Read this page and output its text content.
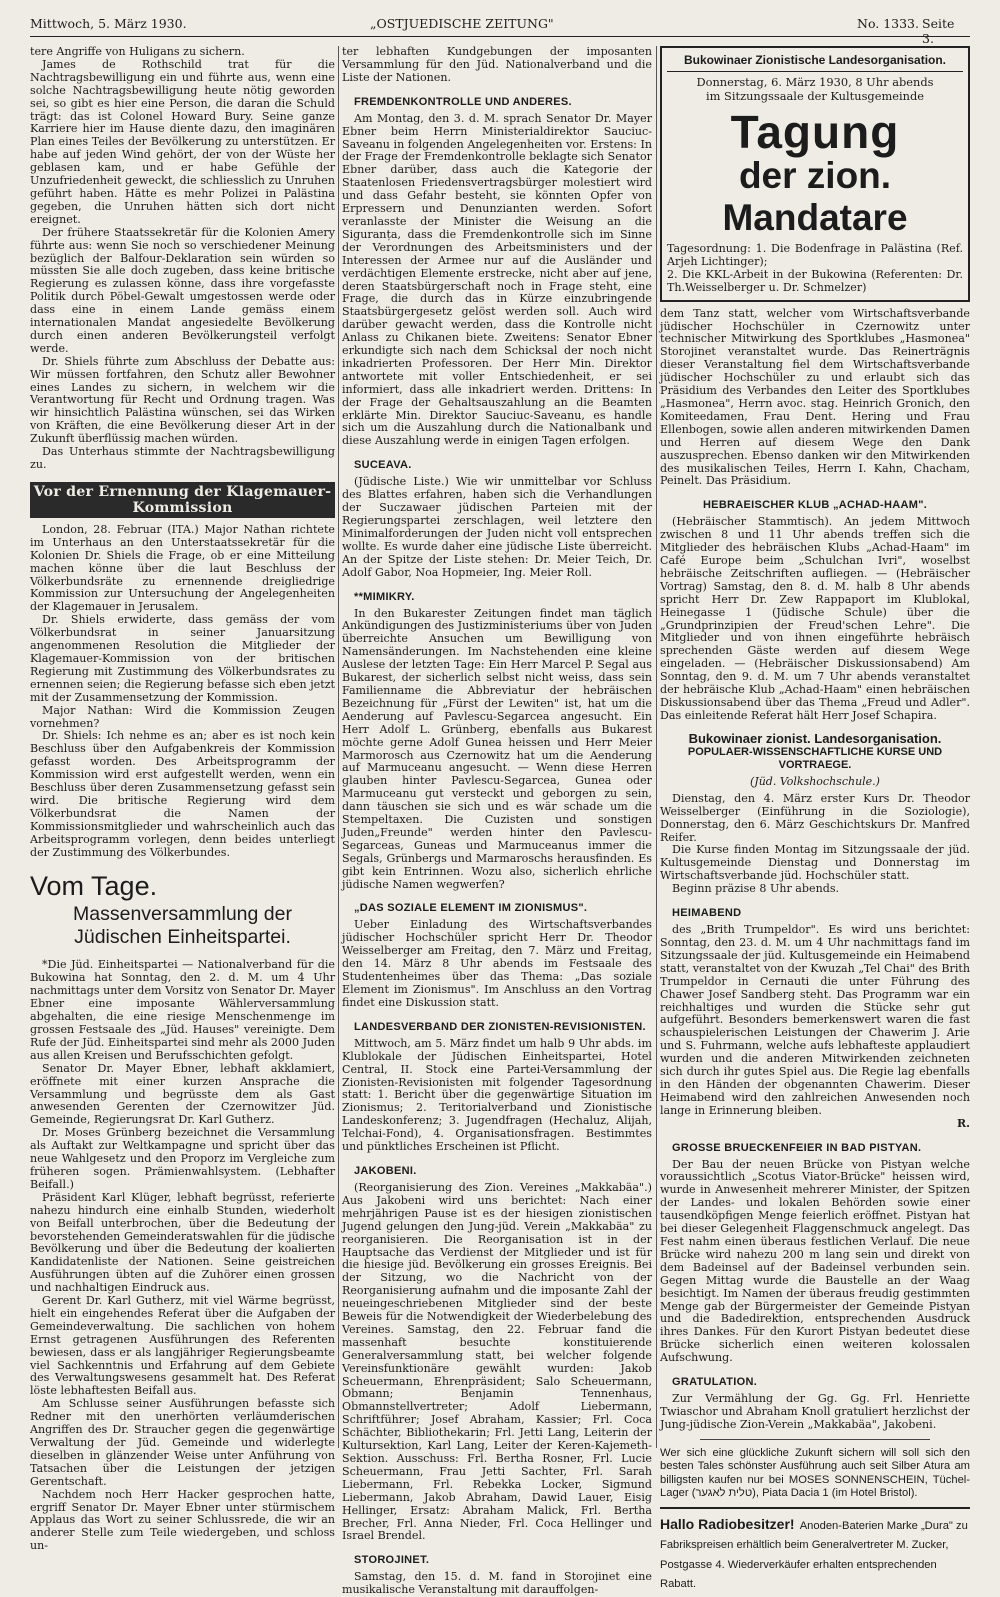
Mittwoch, 5. März 1930.	„OSTJUEDISCHE ZEITUNG"	No. 1333. Seite 3.

tere Angriffe von Huligans zu sichern.

James de Rothschild trat für die Nachtragsbewilligung ein und führte aus, wenn eine solche Nachtragsbewilligung heute nötig geworden sei, so gibt es hier eine Person, die daran die Schuld trägt: das ist Colonel Howard Bury. Seine ganze Karriere hier im Hause diente dazu, den imaginären Plan eines Teiles der Bevölkerung zu unterstützen. Er habe auf jeden Wind gehört, der von der Wüste her geblasen kam, und er habe Gefühle der Unzufriedenheit geweckt, die schliesslich zu Unruhen geführt haben. Hätte es mehr Polizei in Palästina gegeben, die Unruhen hätten sich dort nicht ereignet.

Der frühere Staatssekretär für die Kolonien Amery führte aus: wenn Sie noch so verschiedener Meinung bezüglich der Balfour-Deklaration sein würden so müssten Sie alle doch zugeben, dass keine britische Regierung es zulassen könne, dass ihre vorgefasste Politik durch Pöbel-Gewalt umgestossen werde oder dass eine in einem Lande gemäss einem internationalen Mandat angesiedelte Bevölkerung durch einen anderen Bevölkerungsteil verfolgt werde.

Dr. Shiels führte zum Abschluss der Debatte aus: Wir müssen fortfahren, den Schutz aller Bewohner eines Landes zu sichern, in welchem wir die Verantwortung für Recht und Ordnung tragen. Was wir hinsichtlich Palästina wünschen, sei das Wirken von Kräften, die eine Bevölkerung dieser Art in der Zukunft überflüssig machen würden.

Das Unterhaus stimmte der Nachtragsbewilligung zu.

Vor der Ernennung der Klagemauer-Kommission

London, 28. Februar (ITA.) Major Nathan richtete im Unterhaus an den Unterstaatssekretär für die Kolonien Dr. Shiels die Frage, ob er eine Mitteilung machen könne über die laut Beschluss der Völkerbundsräte zu ernennende dreigliedrige Kommission zur Untersuchung der Angelegenheiten der Klagemauer in Jerusalem.

Dr. Shiels erwiderte, dass gemäss der vom Völkerbundsrat in seiner Januarsitzung angenommenen Resolution die Mitglieder der Klagemauer-Kommission von der britischen Regierung mit Zustimmung des Völkerbundsrates zu ernennen seien; die Regierung befasse sich eben jetzt mit der Zusammensetzung der Kommission.

Major Nathan: Wird die Kommission Zeugen vornehmen?

Dr. Shiels: Ich nehme es an; aber es ist noch kein Beschluss über den Aufgabenkreis der Kommission gefasst worden. Des Arbeitsprogramm der Kommission wird erst aufgestellt werden, wenn ein Beschluss über deren Zusammensetzung gefasst sein wird. Die britische Regierung wird dem Völkerbundsrat die Namen der Kommissionsmitglieder und wahrscheinlich auch das Arbeitsprogramm vorlegen, denn beides unterliegt der Zustimmung des Völkerbundes.

Vom Tage.
Massenversammlung der Jüdischen Einheitspartei.

*Die Jüd. Einheitspartei — Nationalverband für die Bukowina hat Sonntag, den 2. d. M. um 4 Uhr nachmittags unter dem Vorsitz von Senator Dr. Mayer Ebner eine imposante Wählerversammlung abgehalten, die eine riesige Menschenmenge im grossen Festsaale des „Jüd. Hauses" vereinigte. Dem Rufe der Jüd. Einheitspartei sind mehr als 2000 Juden aus allen Kreisen und Berufsschichten gefolgt.

Senator Dr. Mayer Ebner, lebhaft akklamiert, eröffnete mit einer kurzen Ansprache die Versammlung und begrüsste dem als Gast anwesenden Gerenten der Czernowitzer Jüd. Gemeinde, Regierungsrat Dr. Karl Gutherz.

Dr. Moses Grünberg bezeichnet die Versammlung als Auftakt zur Weltkampagne und spricht über das neue Wahlgesetz und den Proporz im Vergleiche zum früheren sogen. Prämienwahlsystem. (Lebhafter Beifall.)

Präsident Karl Klüger, lebhaft begrüsst, referierte nahezu hindurch eine einhalb Stunden, wiederholt von Beifall unterbrochen, über die Bedeutung der bevorstehenden Gemeinderatswahlen für die jüdische Bevölkerung und über die Bedeutung der koalierten Kandidatenliste der Nationen. Seine geistreichen Ausführungen übten auf die Zuhörer einen grossen und nachhaltigen Eindruck aus.

Gerent Dr. Karl Gutherz, mit viel Wärme begrüsst, hielt ein eingehendes Referat über die Aufgaben der Gemeindeverwaltung. Die sachlichen von hohem Ernst getragenen Ausführungen des Referenten bewiesen, dass er als langjähriger Regierungsbeamte viel Sachkenntnis und Erfahrung auf dem Gebiete des Verwaltungswesens gesammelt hat. Des Referat löste lebhaftesten Beifall aus.

Am Schlusse seiner Ausführungen befasste sich Redner mit den unerhörten verläumderischen Angriffen des Dr. Straucher gegen die gegenwärtige Verwaltung der Jüd. Gemeinde und widerlegte dieselben in glänzender Weise unter Anführung von Tatsachen über die Leistungen der jetzigen Gerentschaft.

Nachdem noch Herr Hacker gesprochen hatte, ergriff Senator Dr. Mayer Ebner unter stürmischem Applaus das Wort zu seiner Schlussrede, die wir an anderer Stelle zum Teile wiedergeben, und schloss un-

ter lebhaften Kundgebungen der imposanten Versammlung für den Jüd. Nationalverband und die Liste der Nationen.

FREMDENKONTROLLE UND ANDERES.

Am Montag, den 3. d. M. sprach Senator Dr. Mayer Ebner beim Herrn Ministerialdirektor Sauciuc-Saveanu in folgenden Angelegenheiten vor. Erstens: In der Frage der Fremdenkontrolle beklagte sich Senator Ebner darüber, dass auch die Kategorie der Staatenlosen Friedensvertragsbürger molestiert wird und dass Gefahr besteht, sie könnten Opfer von Erpressern und Denunzianten werden. Sofort veranlasste der Minister die Weisung an die Siguranța, dass die Fremdenkontrolle sich im Sinne der Verordnungen des Arbeitsministers und der Interessen der Armee nur auf die Ausländer und verdächtigen Elemente erstrecke, nicht aber auf jene, deren Staatsbürgerschaft noch in Frage steht, eine Frage, die durch das in Kürze einzubringende Staatsbürgergesetz gelöst werden soll. Auch wird darüber gewacht werden, dass die Kontrolle nicht Anlass zu Chikanen biete. Zweitens: Senator Ebner erkundigte sich nach dem Schicksal der noch nicht inkadrierten Professoren. Der Herr Min. Direktor antwortete mit voller Entschiedenheit, er sei informiert, dass alle inkadriert werden. Drittens: In der Frage der Gehaltsauszahlung an die Beamten erklärte Min. Direktor Sauciuc-Saveanu, es handle sich um die Auszahlung durch die Nationalbank und diese Auszahlung werde in einigen Tagen erfolgen.

SUCEAVA.

(Jüdische Liste.) Wie wir unmittelbar vor Schluss des Blattes erfahren, haben sich die Verhandlungen der Suczawaer jüdischen Parteien mit der Regierungspartei zerschlagen, weil letztere den Minimalforderungen der Juden nicht voll entsprechen wollte. Es wurde daher eine jüdische Liste überreicht. An der Spitze der Liste stehen: Dr. Meier Teich, Dr. Adolf Gabor, Noa Hopmeier, Ing. Meier Roll.

**MIMIKRY.

In den Bukarester Zeitungen findet man täglich Ankündigungen des Justizministeriums über von Juden überreichte Ansuchen um Bewilligung von Namensänderungen. Im Nachstehenden eine kleine Auslese der letzten Tage: Ein Herr Marcel P. Segal aus Bukarest, der sicherlich selbst nicht weiss, dass sein Familienname die Abbreviatur der hebräischen Bezeichnung für „Fürst der Lewiten" ist, hat um die Aenderung auf Pavlescu-Segarcea angesucht. Ein Herr Adolf L. Grünberg, ebenfalls aus Bukarest möchte gerne Adolf Gunea heissen und Herr Meier Marmorosch aus Czernowitz hat um die Aenderung auf Marmuceanu angesucht. — Wenn diese Herren glauben hinter Pavlescu-Segarcea, Gunea oder Marmuceanu gut versteckt und geborgen zu sein, dann täuschen sie sich und es wär schade um die Stempeltaxen. Die Cuzisten und sonstigen Juden„Freunde" werden hinter den Pavlescu-Segarceas, Guneas und Marmuceanus immer die Segals, Grünbergs und Marmaroschs herausfinden. Es gibt kein Entrinnen. Wozu also, sicherlich ehrliche jüdische Namen wegwerfen?

„DAS SOZIALE ELEMENT IM ZIONISMUS".

Ueber Einladung des Wirtschaftsverbandes jüdischer Hochschüler spricht Herr Dr. Theodor Weisselberger am Freitag, den 7. März und Freitag, den 14. März 8 Uhr abends im Festsaale des Studentenheimes über das Thema: „Das soziale Element im Zionismus". Im Anschluss an den Vortrag findet eine Diskussion statt.

LANDESVERBAND DER ZIONISTEN-REVISIONISTEN.

Mittwoch, am 5. März findet um halb 9 Uhr abds. im Klublokale der Jüdischen Einheitspartei, Hotel Central, II. Stock eine Partei-Versammlung der Zionisten-Revisionisten mit folgender Tagesordnung statt: 1. Bericht über die gegenwärtige Situation im Zionismus; 2. Teritorialverband und Zionistische Landeskonferenz; 3. Jugendfragen (Hechaluz, Alijah, Telchai-Fond), 4. Organisationsfragen. Bestimmtes und pünktliches Erscheinen ist Pflicht.

JAKOBENI.

(Reorganisierung des Zion. Vereines „Makkabäa".) Aus Jakobeni wird uns berichtet: Nach einer mehrjährigen Pause ist es der hiesigen zionistischen Jugend gelungen den Jung-jüd. Verein „Makkabäa" zu reorganisieren. Die Reorganisation ist in der Hauptsache das Verdienst der Mitglieder und ist für die hiesige jüd. Bevölkerung ein grosses Ereignis. Bei der Sitzung, wo die Nachricht von der Reorganisierung aufnahm und die imposante Zahl der neueingeschriebenen Mitglieder sind der beste Beweis für die Notwendigkeit der Wiederbelebung des Vereines. Samstag, den 22. Februar fand die massenhaft besuchte konstituierende Generalversammlung statt, bei welcher folgende Vereinsfunktionäre gewählt wurden: Jakob Scheuermann, Ehrenpräsident; Salo Scheuermann, Obmann; Benjamin Tennenhaus, Obmannstellvertreter; Adolf Liebermann, Schriftführer; Josef Abraham, Kassier; Frl. Coca Schächter, Bibliothekarin; Frl. Jetti Lang, Leiterin der Kultursektion, Karl Lang, Leiter der Keren-Kajemeth-Sektion. Ausschuss: Frl. Bertha Rosner, Frl. Lucie Scheuermann, Frau Jetti Sachter, Frl. Sarah Liebermann, Frl. Rebekka Locker, Sigmund Liebermann, Jakob Abraham, Dawid Lauer, Eisig Hellinger, Ersatz: Abraham Malick, Frl. Bertha Brecher, Frl. Anna Nieder, Frl. Coca Hellinger und Israel Brendel.

STOROJINET.

Samstag, den 15. d. M. fand in Storojinet eine musikalische Veranstaltung mit darauffolgen-

Bukowinaer Zionistische Landesorganisation.
Donnerstag, 6. März 1930, 8 Uhr abends
im Sitzungssaale der Kultusgemeinde
Tagung
der zion. Mandatare

Tagesordnung: 1. Die Bodenfrage in Palästina (Ref. Arjeh Lichtinger);

2. Die KKL-Arbeit in der Bukowina (Referenten: Dr. Th.Weisselberger u. Dr. Schmelzer)

dem Tanz statt, welcher vom Wirtschaftsverbande jüdischer Hochschüler in Czernowitz unter technischer Mitwirkung des Sportklubes „Hasmonea" Storojinet veranstaltet wurde. Das Reinerträgnis dieser Veranstaltung fiel dem Wirtschaftsverbande jüdischer Hochschüler zu und erlaubt sich das Präsidium des Verbandes den Leiter des Sportklubes „Hasmonea", Herrn avoc. stag. Heinrich Gronich, den Komiteedamen, Frau Dent. Hering und Frau Ellenbogen, sowie allen anderen mitwirkenden Damen und Herren auf diesem Wege den Dank auszusprechen. Ebenso danken wir den Mitwirkenden des musikalischen Teiles, Herrn I. Kahn, Chacham, Peinelt. Das Präsidium.

HEBRAEISCHER KLUB „ACHAD-HAAM".

(Hebräischer Stammtisch). An jedem Mittwoch zwischen 8 und 11 Uhr abends treffen sich die Mitglieder des hebräischen Klubs „Achad-Haam" im Café Europe beim „Schulchan Ivri", woselbst hebräische Zeitschriften aufliegen. — (Hebräischer Vortrag) Samstag, den 8. d. M. halb 8 Uhr abends spricht Herr Dr. Zew Rappaport im Klublokal, Heinegasse 1 (Jüdische Schule) über die „Grundprinzipien der Freud'schen Lehre". Die Mitglieder und von ihnen eingeführte hebräisch sprechenden Gäste werden auf diesem Wege eingeladen. — (Hebräischer Diskussionsabend) Am Sonntag, den 9. d. M. um 7 Uhr abends veranstaltet der hebräische Klub „Achad-Haam" einen hebräischen Diskussionsabend über das Thema „Freud und Adler". Das einleitende Referat hält Herr Josef Schapira.

Bukowinaer zionist. Landesorganisation.
POPULAER-WISSENSCHAFTLICHE KURSE UND VORTRAEGE.
(Jüd. Volkshochschule.)

Dienstag, den 4. März erster Kurs Dr. Theodor Weisselberger (Einführung in die Soziologie), Donnerstag, den 6. März Geschichtskurs Dr. Manfred Reifer.

Die Kurse finden Montag im Sitzungssaale der jüd. Kultusgemeinde Dienstag und Donnerstag im Wirtschaftsverbande jüd. Hochschüler statt.

Beginn präzise 8 Uhr abends.

HEIMABEND

des „Brith Trumpeldor". Es wird uns berichtet: Sonntag, den 23. d. M. um 4 Uhr nachmittags fand im Sitzungssaale der jüd. Kultusgemeinde ein Heimabend statt, veranstaltet von der Kwuzah „Tel Chai" des Brith Trumpeldor in Cernauti die unter Führung des Chawer Josef Sandberg steht. Das Programm war ein reichhaltiges und wurden die Stücke sehr gut aufgeführt. Besonders bemerkenswert waren die fast schauspielerischen Leistungen der Chawerim J. Arie und S. Fuhrmann, welche aufs lebhafteste applaudiert wurden und die anderen Mitwirkenden zeichneten sich durch ihr gutes Spiel aus. Die Regie lag ebenfalls in den Händen der obgenannten Chawerim. Dieser Heimabend wird den zahlreichen Anwesenden noch lange in Erinnerung bleiben.

R.

GROSSE BRUECKENFEIER IN BAD PISTYAN.

Der Bau der neuen Brücke von Pistyan welche voraussichtlich „Scotus Viator-Brücke" heissen wird, wurde in Anwesenheit mehrerer Minister, der Spitzen der Landes- und lokalen Behörden sowie einer tausendköpfigen Menge feierlich eröffnet. Pistyan hat bei dieser Gelegenheit Flaggenschmuck angelegt. Das Fest nahm einen überaus festlichen Verlauf. Die neue Brücke wird nahezu 200 m lang sein und direkt von dem Badeinsel auf der Badeinsel verbunden sein. Gegen Mittag wurde die Baustelle an der Waag besichtigt. Im Namen der überaus freudig gestimmten Menge gab der Bürgermeister der Gemeinde Pistyan und die Badedirektion, entsprechenden Ausdruck ihres Dankes. Für den Kurort Pistyan bedeutet diese Brücke sicherlich einen weiteren kolossalen Aufschwung.

GRATULATION.

Zur Vermählung der Gg. Gg. Frl. Henriette Twiaschor und Abraham Knoll gratuliert herzlichst der Jung-jüdische Zion-Verein „Makkabäa", Jakobeni.

Wer sich eine glückliche Zukunft sichern will soll sich den besten Tales schönster Ausführung auch seit Silber Atura am billigsten kaufen nur bei MOSES SONNENSCHEIN, Tüchel-Lager (טלית לאגער), Piata Dacia 1 (im Hotel Bristol).
Hallo Radiobesitzer! Anoden-Baterien Marke „Dura" zu Fabrikspreisen erhältlich beim Generalvertreter M. Zucker, Postgasse 4. Wiederverkäufer erhalten entsprechenden Rabatt.
